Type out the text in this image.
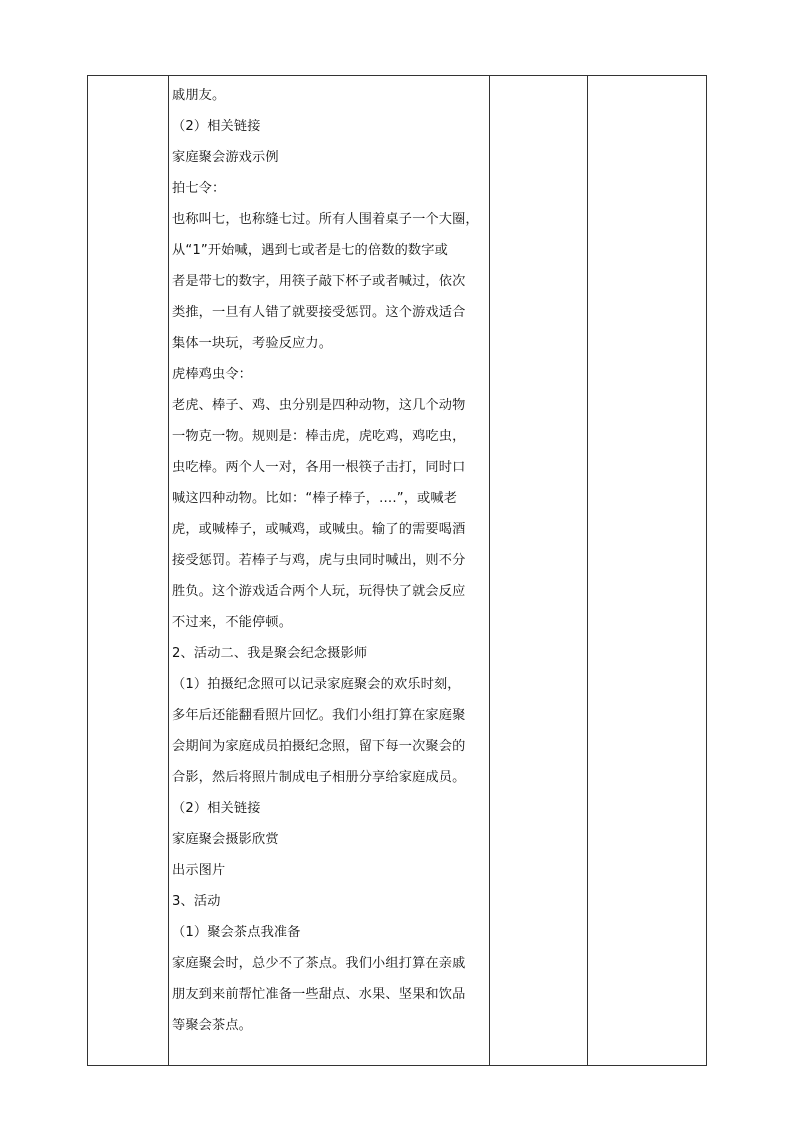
戚朋友。
（2）相关链接
家庭聚会游戏示例
拍七令：
也称叫七，也称缝七过。所有人围着桌子一个大圈，
从“1”开始喊，遇到七或者是七的倍数的数字或
者是带七的数字，用筷子敲下杯子或者喊过，依次
类推，一旦有人错了就要接受惩罚。这个游戏适合
集体一块玩，考验反应力。
虎棒鸡虫令：
老虎、棒子、鸡、虫分别是四种动物，这几个动物
一物克一物。规则是：棒击虎，虎吃鸡，鸡吃虫，
虫吃棒。两个人一对，各用一根筷子击打，同时口
喊这四种动物。比如：“棒子棒子，….”，或喊老
虎，或喊棒子，或喊鸡，或喊虫。输了的需要喝酒
接受惩罚。若棒子与鸡，虎与虫同时喊出，则不分
胜负。这个游戏适合两个人玩，玩得快了就会反应
不过来，不能停顿。
2、活动二、我是聚会纪念摄影师
（1）拍摄纪念照可以记录家庭聚会的欢乐时刻，
多年后还能翻看照片回忆。我们小组打算在家庭聚
会期间为家庭成员拍摄纪念照，留下每一次聚会的
合影，然后将照片制成电子相册分享给家庭成员。
（2）相关链接
家庭聚会摄影欣赏
出示图片
3、活动
（1）聚会茶点我准备
家庭聚会时，总少不了茶点。我们小组打算在亲戚
朋友到来前帮忙准备一些甜点、水果、坚果和饮品
等聚会茶点。
